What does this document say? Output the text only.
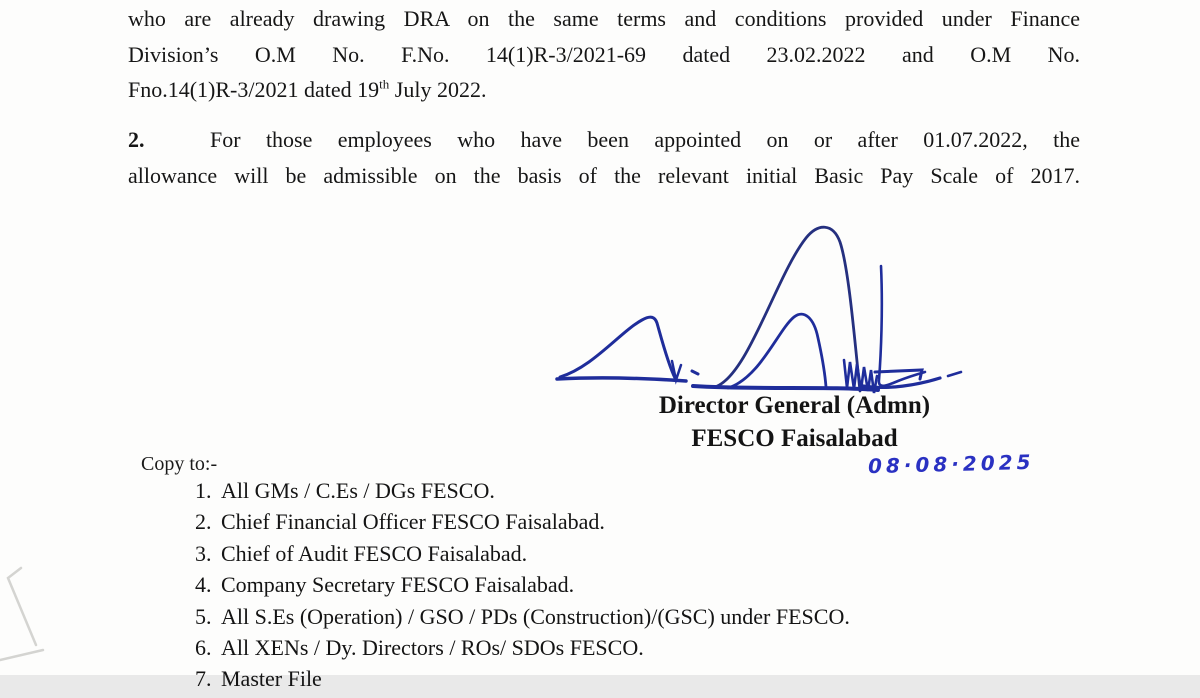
who are already drawing DRA on the same terms and conditions provided under Finance
Division’s O.M No. F.No. 14(1)R-3/2021-69 dated 23.02.2022 and O.M No.
Fno.14(1)R-3/2021 dated 19th July 2022.
2.	For those employees who have been appointed on or after 01.07.2022, the
allowance will be admissible on the basis of the relevant initial Basic Pay Scale of 2017.
Director General (Admn)
FESCO Faisalabad
08·08·2025
Copy to:-
1. All GMs / C.Es / DGs FESCO.
2. Chief Financial Officer FESCO Faisalabad.
3. Chief of Audit FESCO Faisalabad.
4. Company Secretary FESCO Faisalabad.
5. All S.Es (Operation) / GSO / PDs (Construction)/(GSC) under FESCO.
6. All XENs / Dy. Directors / ROs/ SDOs FESCO.
7. Master File
